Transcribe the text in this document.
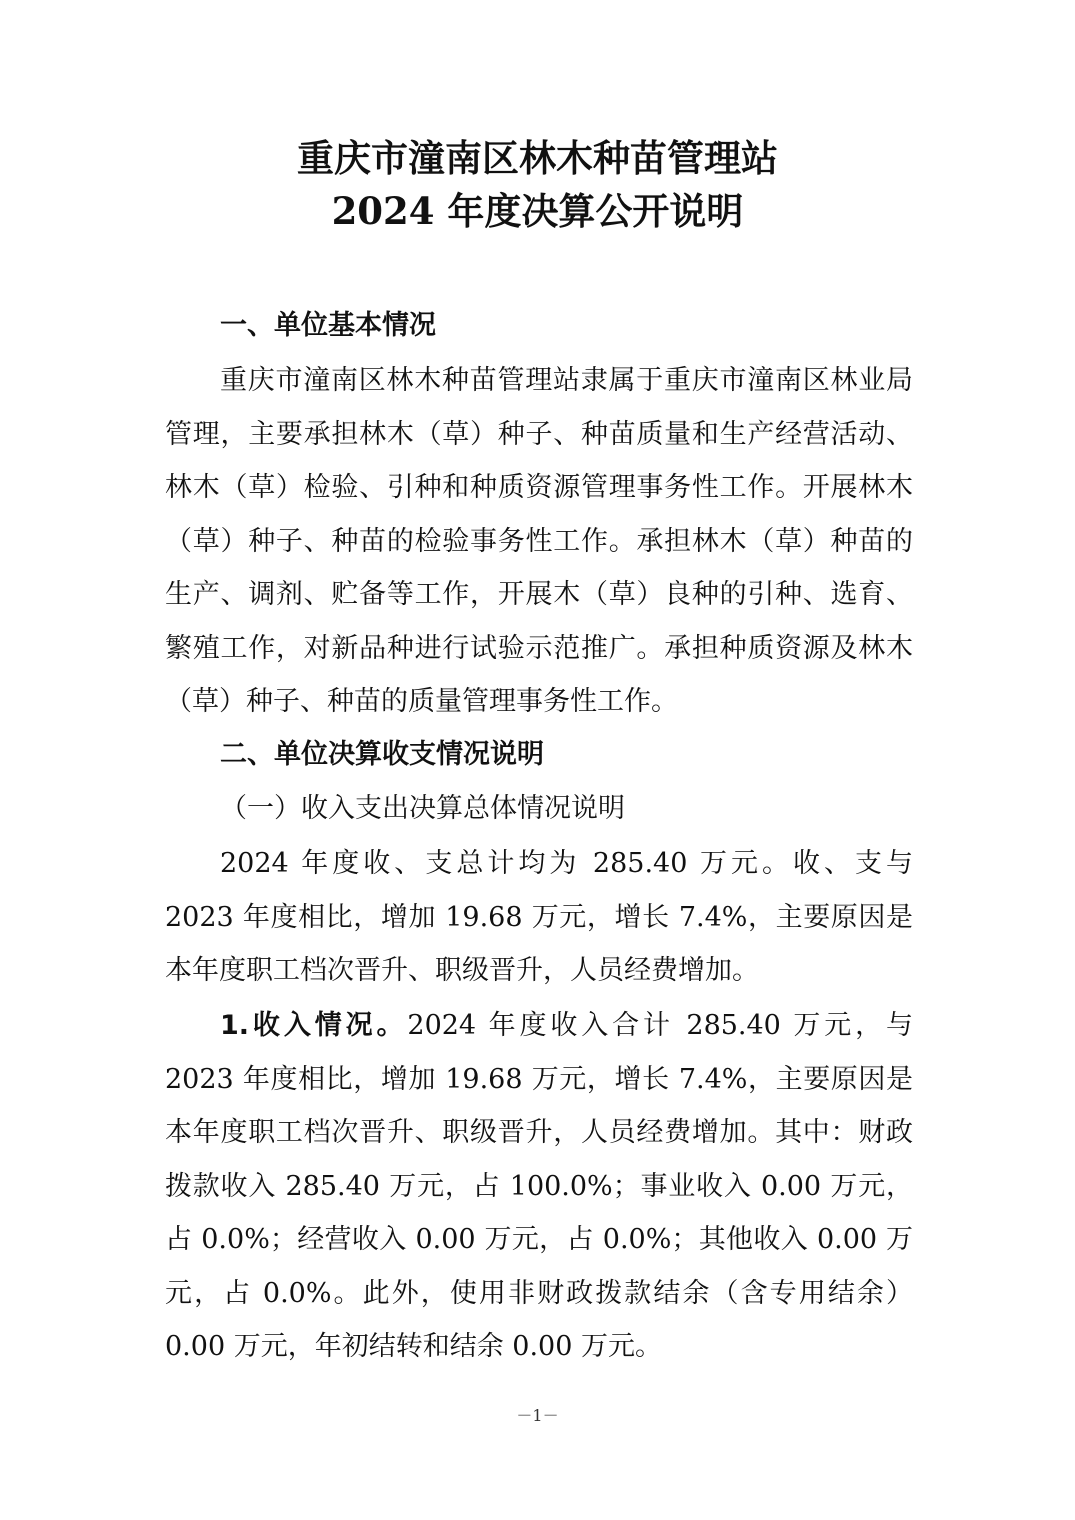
重庆市潼南区林木种苗管理站
2024 年度决算公开说明
一、单位基本情况
重庆市潼南区林木种苗管理站隶属于重庆市潼南区林业局管理，主要承担林木（草）种子、种苗质量和生产经营活动、林木（草）检验、引种和种质资源管理事务性工作。开展林木（草）种子、种苗的检验事务性工作。承担林木（草）种苗的生产、调剂、贮备等工作，开展木（草）良种的引种、选育、繁殖工作，对新品种进行试验示范推广。承担种质资源及林木（草）种子、种苗的质量管理事务性工作。
二、单位决算收支情况说明
（一）收入支出决算总体情况说明
2024 年度收、支总计均为 285.40 万元。收、支与 2023 年度相比，增加 19.68 万元，增长 7.4%，主要原因是本年度职工档次晋升、职级晋升，人员经费增加。
1.收入情况。2024 年度收入合计 285.40 万元，与 2023 年度相比，增加 19.68 万元，增长 7.4%，主要原因是本年度职工档次晋升、职级晋升，人员经费增加。其中：财政拨款收入 285.40 万元，占 100.0%；事业收入 0.00 万元，占 0.0%；经营收入 0.00 万元，占 0.0%；其他收入 0.00 万元，占 0.0%。此外，使用非财政拨款结余（含专用结余）0.00 万元，年初结转和结余 0.00 万元。
－1－
